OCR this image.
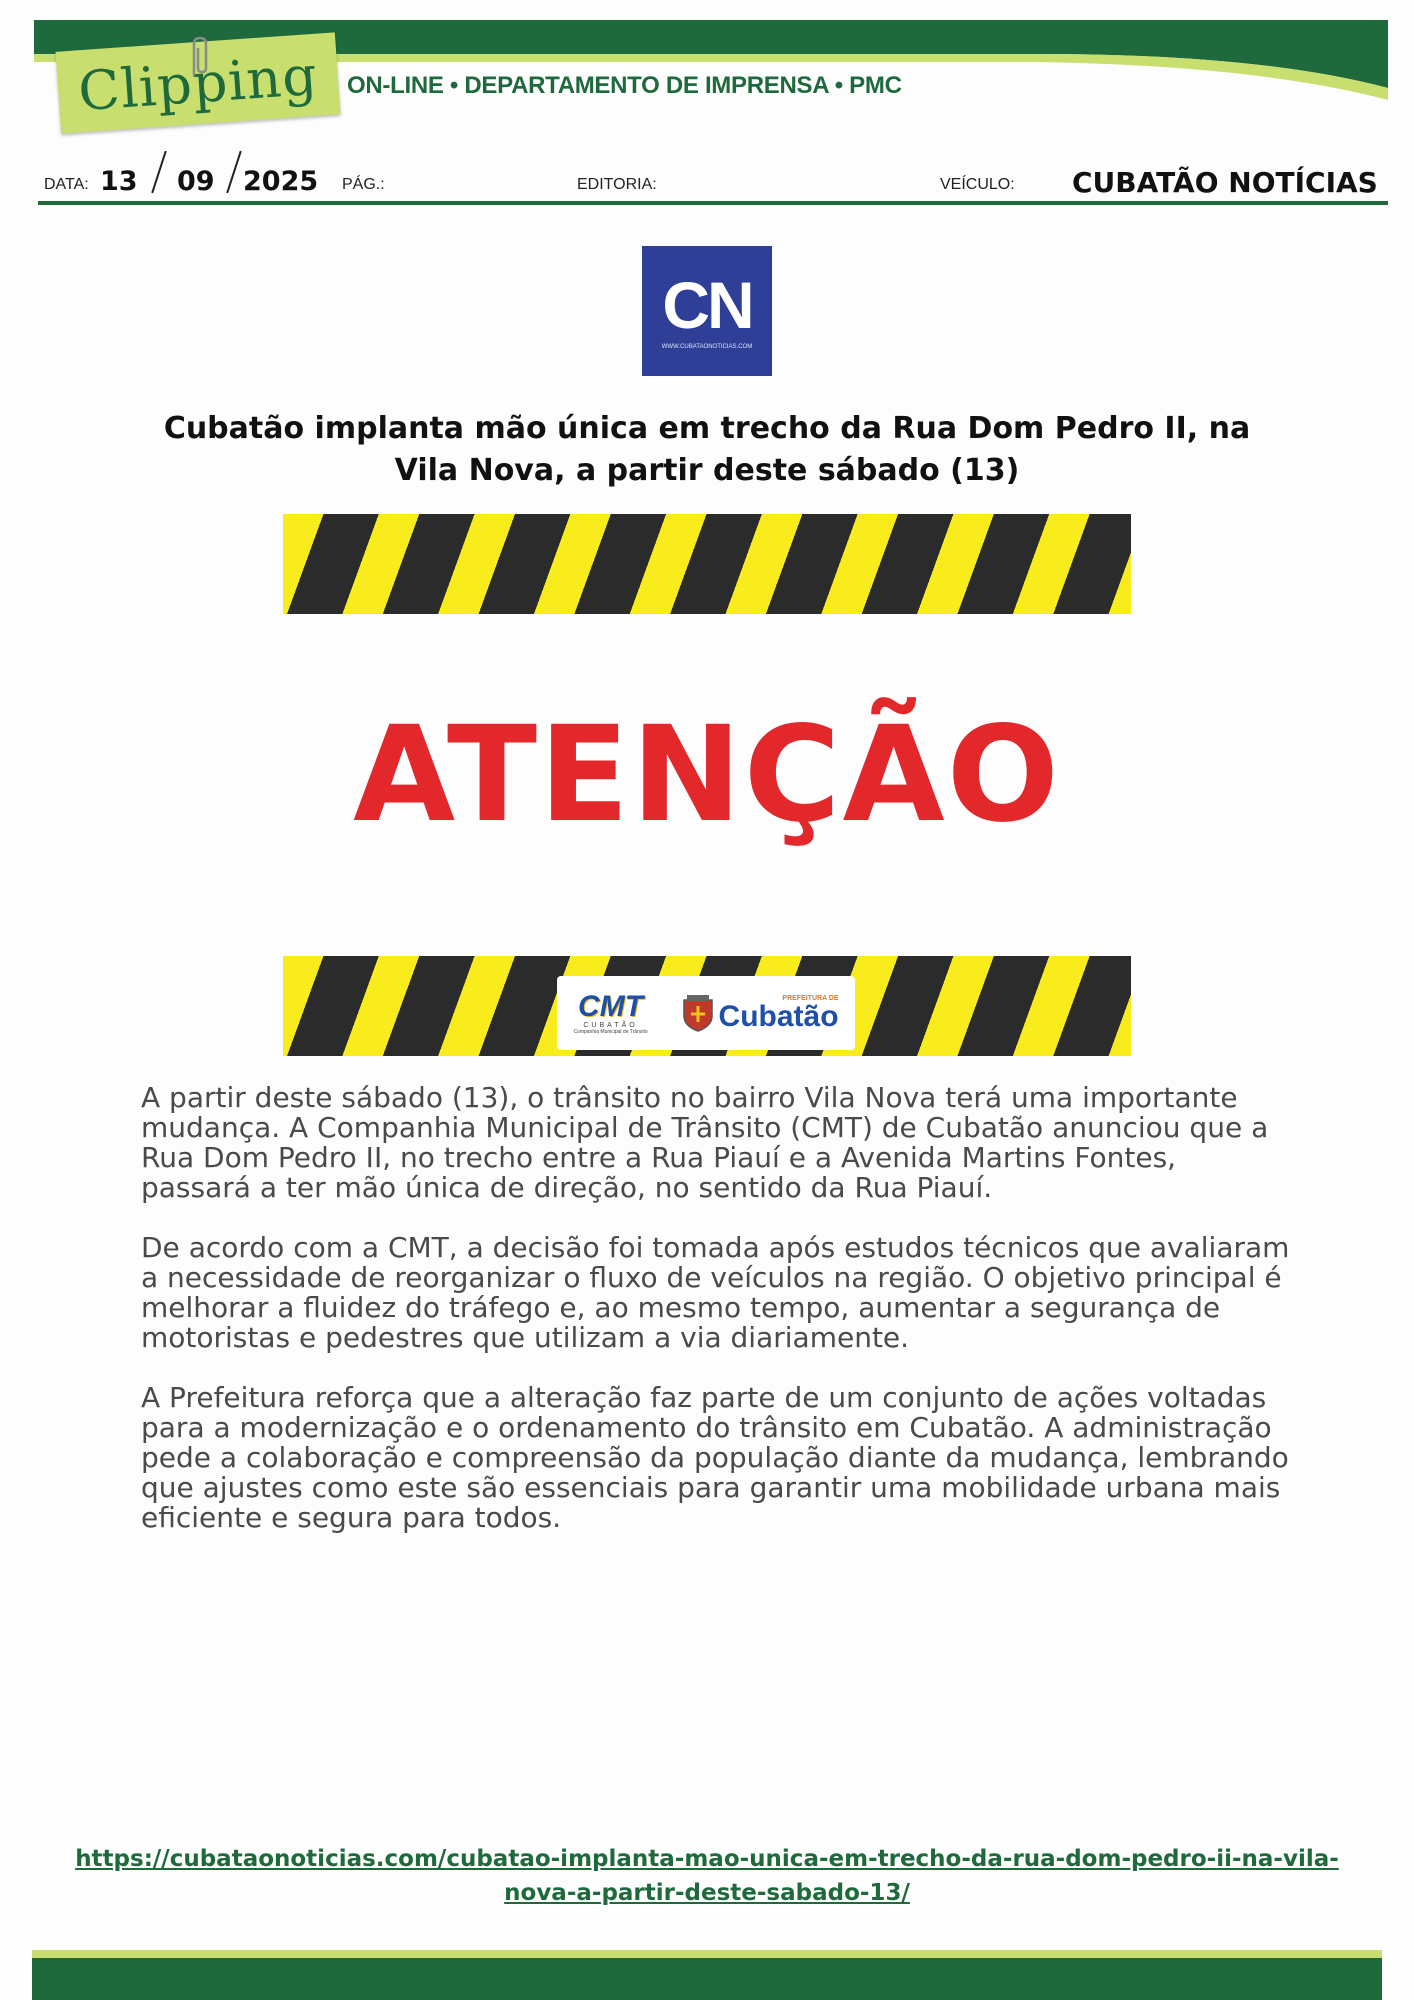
Clipping ON-LINE • DEPARTAMENTO DE IMPRENSA • PMC
DATA: 13 09 2025 PÁG.:	EDITORIA:	VEÍCULO: CUBATÃO NOTÍCIAS
CN
WWW.CUBATAONOTICIAS.COM
Cubatão implanta mão única em trecho da Rua Dom Pedro II, na
Vila Nova, a partir deste sábado (13)
ATENÇÃO
CMT
CUBATÃO
Companhia Municipal de Trânsito
PREFEITURA DE
Cubatão

A partir deste sábado (13), o trânsito no bairro Vila Nova terá uma importante mudança. A Companhia Municipal de Trânsito (CMT) de Cubatão anunciou que a Rua Dom Pedro II, no trecho entre a Rua Piauí e a Avenida Martins Fontes, passará a ter mão única de direção, no sentido da Rua Piauí.

De acordo com a CMT, a decisão foi tomada após estudos técnicos que avaliaram a necessidade de reorganizar o fluxo de veículos na região. O objetivo principal é melhorar a fluidez do tráfego e, ao mesmo tempo, aumentar a segurança de motoristas e pedestres que utilizam a via diariamente.

A Prefeitura reforça que a alteração faz parte de um conjunto de ações voltadas para a modernização e o ordenamento do trânsito em Cubatão. A administração pede a colaboração e compreensão da população diante da mudança, lembrando que ajustes como este são essenciais para garantir uma mobilidade urbana mais eficiente e segura para todos.

https://cubataonoticias.com/cubatao-implanta-mao-unica-em-trecho-da-rua-dom-pedro-ii-na-vila-
nova-a-partir-deste-sabado-13/
